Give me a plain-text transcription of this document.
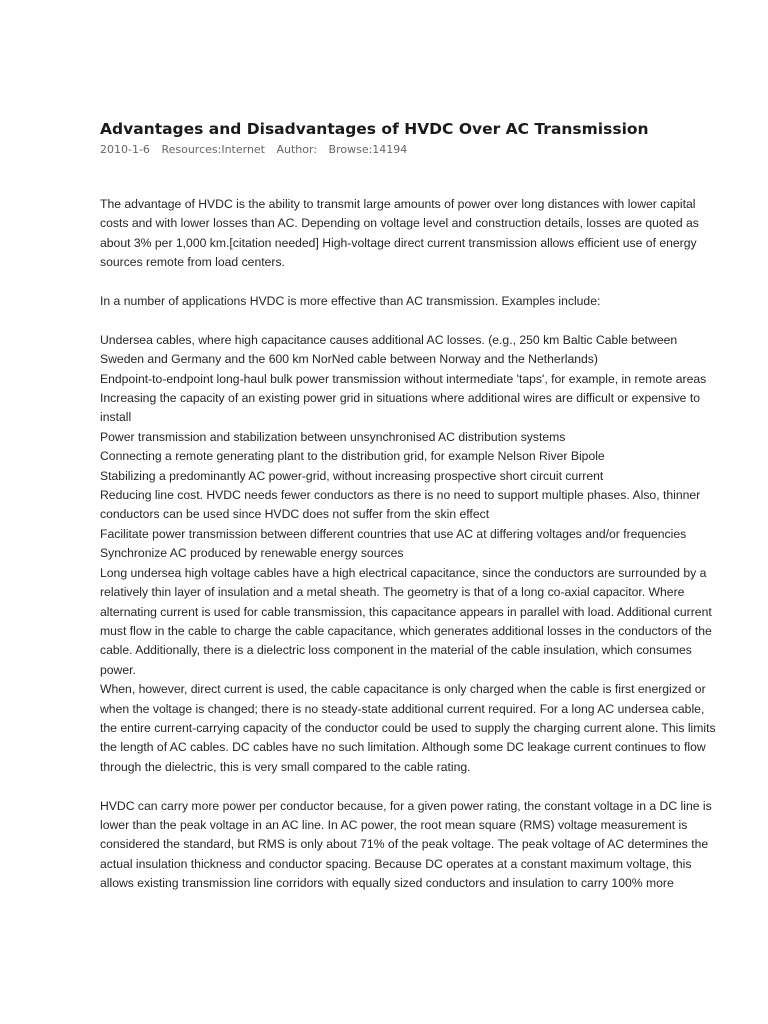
Advantages and Disadvantages of HVDC Over AC Transmission
2010-1-6 Resources:Internet Author: Browse:14194

The advantage of HVDC is the ability to transmit large amounts of power over long distances with lower capital costs and with lower losses than AC. Depending on voltage level and construction details, losses are quoted as about 3% per 1,000 km.[citation needed] High-voltage direct current transmission allows efficient use of energy sources remote from load centers.

In a number of applications HVDC is more effective than AC transmission. Examples include:

Undersea cables, where high capacitance causes additional AC losses. (e.g., 250 km Baltic Cable between Sweden and Germany and the 600 km NorNed cable between Norway and the Netherlands)

Endpoint-to-endpoint long-haul bulk power transmission without intermediate 'taps', for example, in remote areas

Increasing the capacity of an existing power grid in situations where additional wires are difficult or expensive to install

Power transmission and stabilization between unsynchronised AC distribution systems

Connecting a remote generating plant to the distribution grid, for example Nelson River Bipole

Stabilizing a predominantly AC power-grid, without increasing prospective short circuit current

Reducing line cost. HVDC needs fewer conductors as there is no need to support multiple phases. Also, thinner conductors can be used since HVDC does not suffer from the skin effect

Facilitate power transmission between different countries that use AC at differing voltages and/or frequencies

Synchronize AC produced by renewable energy sources

Long undersea high voltage cables have a high electrical capacitance, since the conductors are surrounded by a relatively thin layer of insulation and a metal sheath. The geometry is that of a long co-axial capacitor. Where alternating current is used for cable transmission, this capacitance appears in parallel with load. Additional current must flow in the cable to charge the cable capacitance, which generates additional losses in the conductors of the cable. Additionally, there is a dielectric loss component in the material of the cable insulation, which consumes power.

When, however, direct current is used, the cable capacitance is only charged when the cable is first energized or when the voltage is changed; there is no steady-state additional current required. For a long AC undersea cable, the entire current-carrying capacity of the conductor could be used to supply the charging current alone. This limits the length of AC cables. DC cables have no such limitation. Although some DC leakage current continues to flow through the dielectric, this is very small compared to the cable rating.

HVDC can carry more power per conductor because, for a given power rating, the constant voltage in a DC line is lower than the peak voltage in an AC line. In AC power, the root mean square (RMS) voltage measurement is considered the standard, but RMS is only about 71% of the peak voltage. The peak voltage of AC determines the actual insulation thickness and conductor spacing. Because DC operates at a constant maximum voltage, this allows existing transmission line corridors with equally sized conductors and insulation to carry 100% more
